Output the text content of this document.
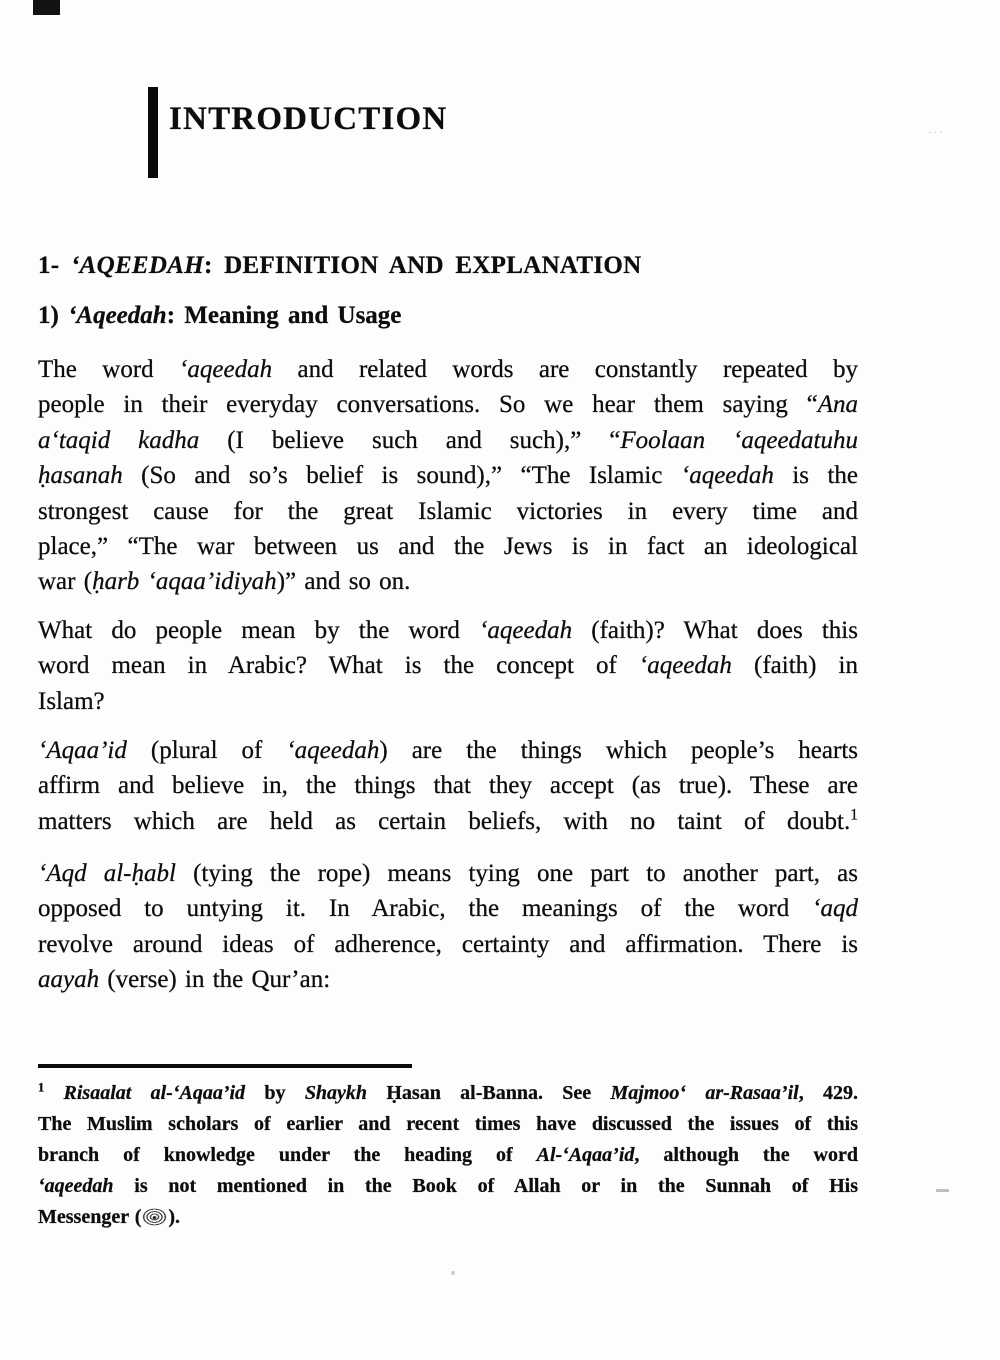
···
INTRODUCTION
1- ‘AQEEDAH: DEFINITION AND EXPLANATION
1) ‘Aqeedah: Meaning and Usage
The word ‘aqeedah and related words are constantly repeated by
people in their everyday conversations. So we hear them saying “Ana
a‘taqid kadha (I believe such and such),” “Foolaan ‘aqeedatuhu
ḥasanah (So and so’s belief is sound),” “The Islamic ‘aqeedah is the
strongest cause for the great Islamic victories in every time and
place,” “The war between us and the Jews is in fact an ideological
war (ḥarb ‘aqaa’idiyah)” and so on.
What do people mean by the word ‘aqeedah (faith)? What does this
word mean in Arabic? What is the concept of ‘aqeedah (faith) in
Islam?
‘Aqaa’id (plural of ‘aqeedah) are the things which people’s hearts
affirm and believe in, the things that they accept (as true). These are
matters which are held as certain beliefs, with no taint of doubt.$^1$
‘Aqd al-ḥabl (tying the rope) means tying one part to another part, as
opposed to untying it. In Arabic, the meanings of the word ‘aqd
revolve around ideas of adherence, certainty and affirmation. There is
aayah (verse) in the Qur’an:
$^1$ Risaalat al-‘Aqaa’id by Shaykh Ḥasan al-Banna. See Majmoo‘ ar-Rasaa’il, 429.
The Muslim scholars of earlier and recent times have discussed the issues of this
branch of knowledge under the heading of Al-‘Aqaa’id, although the word
‘aqeedah is not mentioned in the Book of Allah or in the Sunnah of His
Messenger ( ).
